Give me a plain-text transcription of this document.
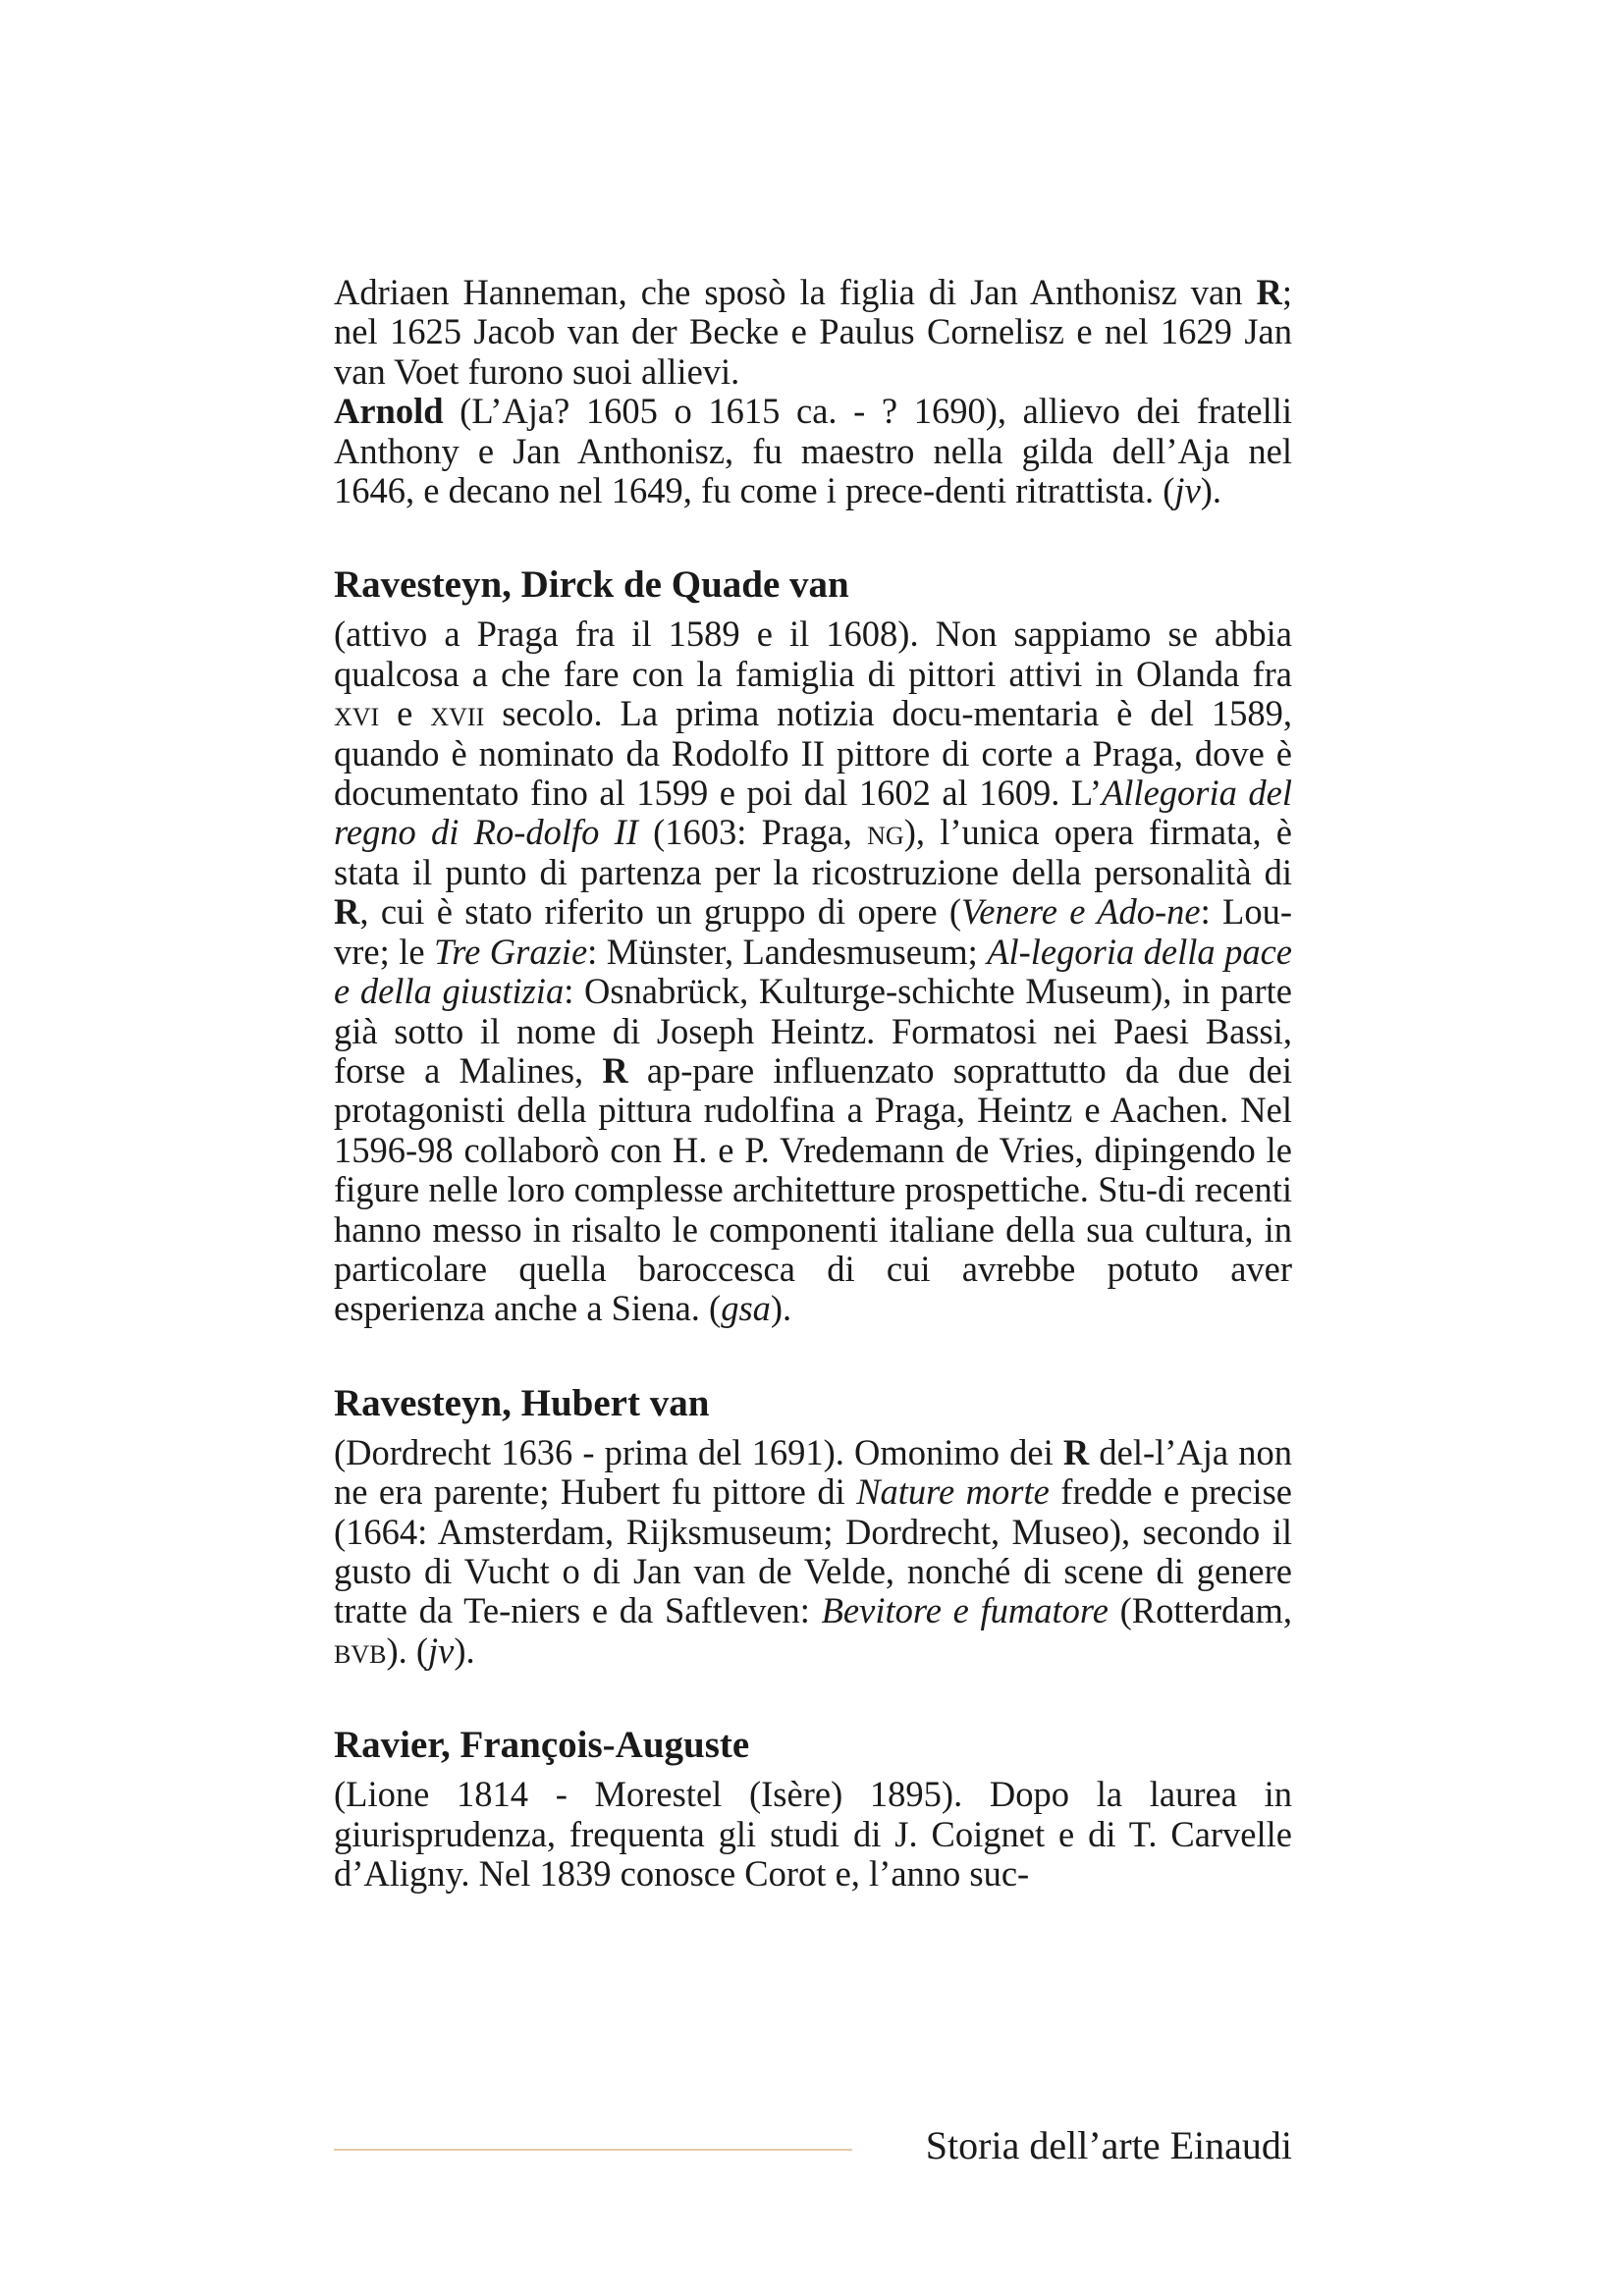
Adriaen Hanneman, che sposò la figlia di Jan Anthonisz van R; nel 1625 Jacob van der Becke e Paulus Cornelisz e nel 1629 Jan van Voet furono suoi allievi.
Arnold (L’Aja? 1605 o 1615 ca. - ? 1690), allievo dei fratelli Anthony e Jan Anthonisz, fu maestro nella gilda dell’Aja nel 1646, e decano nel 1649, fu come i prece-denti ritrattista. (jv).

Ravesteyn, Dirck de Quade van

(attivo a Praga fra il 1589 e il 1608). Non sappiamo se abbia qualcosa a che fare con la famiglia di pittori attivi in Olanda fra xvi e xvii secolo. La prima notizia docu-mentaria è del 1589, quando è nominato da Rodolfo II pittore di corte a Praga, dove è documentato fino al 1599 e poi dal 1602 al 1609. L’Allegoria del regno di Ro-dolfo II (1603: Praga, ng), l’unica opera firmata, è stata il punto di partenza per la ricostruzione della personalità di R, cui è stato riferito un gruppo di opere (Venere e Ado-ne: Lou-vre; le Tre Grazie: Münster, Landesmuseum; Al-legoria della pace e della giustizia: Osnabrück, Kulturge-schichte Museum), in parte già sotto il nome di Joseph Heintz. Formatosi nei Paesi Bassi, forse a Malines, R ap-pare influenzato soprattutto da due dei protagonisti della pittura rudolfina a Praga, Heintz e Aachen. Nel 1596-98 collaborò con H. e P. Vredemann de Vries, dipingendo le figure nelle loro complesse architetture prospettiche. Stu-di recenti hanno messo in risalto le componenti italiane della sua cultura, in particolare quella baroccesca di cui avrebbe potuto aver esperienza anche a Siena. (gsa).

Ravesteyn, Hubert van

(Dordrecht 1636 - prima del 1691). Omonimo dei R del-l’Aja non ne era parente; Hubert fu pittore di Nature morte fredde e precise (1664: Amsterdam, Rijksmuseum; Dordrecht, Museo), secondo il gusto di Vucht o di Jan van de Velde, nonché di scene di genere tratte da Te-niers e da Saftleven: Bevitore e fumatore (Rotterdam, bvb). (jv).

Ravier, François-Auguste

(Lione 1814 - Morestel (Isère) 1895). Dopo la laurea in giurisprudenza, frequenta gli studi di J. Coignet e di T. Carvelle d’Aligny. Nel 1839 conosce Corot e, l’anno suc-

Storia dell’arte Einaudi
